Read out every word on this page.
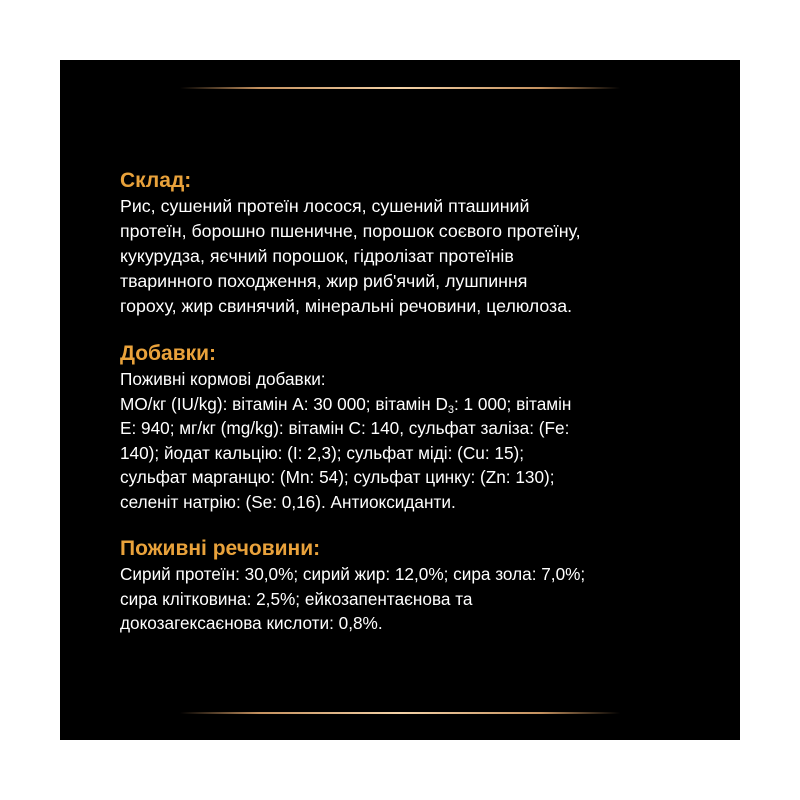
Склад:

Рис, сушений протеїн лосося, сушений пташиний
протеїн, борошно пшеничне, порошок соєвого протеїну,
кукурудза, яєчний порошок, гідролізат протеїнів
тваринного походження, жир риб'ячий, лушпиння
гороху, жир свинячий, мінеральні речовини, целюлоза.

Добавки:

Поживні кормові добавки:

МО/кг (IU/kg): вітамін А: 30 000; вітамін $D_3$: 1 000; вітамін

Е: 940; мг/кг (mg/kg): вітамін С: 140, сульфат заліза: (Fe:
140); йодат кальцію: (І: 2,3); сульфат міді: (Cu: 15);
сульфат марганцю: (Mn: 54); сульфат цинку: (Zn: 130);
селеніт натрію: (Se: 0,16). Антиоксиданти.

Поживні речовини:

Сирий протеїн: 30,0%; сирий жир: 12,0%; сира зола: 7,0%;
сира клітковина: 2,5%; ейкозапентаєнова та
докозагексаєнова кислоти: 0,8%.
